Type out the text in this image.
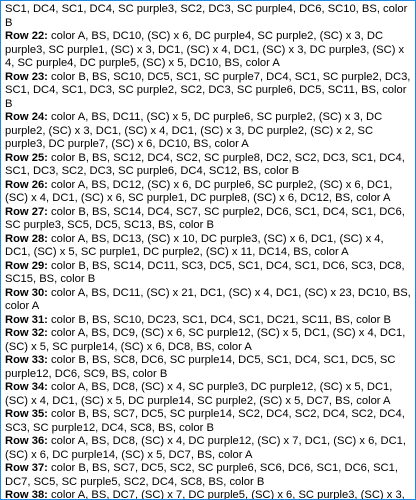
SC1, DC4, SC1, DC4, SC purple3, SC2, DC3, SC purple4, DC6, SC10, BS, color B

Row 22: color A, BS, DC10, (SC) x 6, DC purple4, SC purple2, (SC) x 3, DC purple3, SC purple1, (SC) x 3, DC1, (SC) x 4, DC1, (SC) x 3, DC purple3, (SC) x 4, SC purple4, DC purple5, (SC) x 5, DC10, BS, color A

Row 23: color B, BS, SC10, DC5, SC1, SC purple7, DC4, SC1, SC purple2, DC3, SC1, DC4, SC1, DC3, SC purple2, SC2, DC3, SC purple6, DC5, SC11, BS, color B

Row 24: color A, BS, DC11, (SC) x 5, DC purple6, SC purple2, (SC) x 3, DC purple2, (SC) x 3, DC1, (SC) x 4, DC1, (SC) x 3, DC purple2, (SC) x 2, SC purple3, DC purple7, (SC) x 6, DC10, BS, color A

Row 25: color B, BS, SC12, DC4, SC2, SC purple8, DC2, SC2, DC3, SC1, DC4, SC1, DC3, SC2, DC3, SC purple6, DC4, SC12, BS, color B

Row 26: color A, BS, DC12, (SC) x 6, DC purple6, SC purple2, (SC) x 6, DC1, (SC) x 4, DC1, (SC) x 6, SC purple1, DC purple8, (SC) x 6, DC12, BS, color A

Row 27: color B, BS, SC14, DC4, SC7, SC purple2, DC6, SC1, DC4, SC1, DC6, SC purple3, SC5, DC5, SC13, BS, color B

Row 28: color A, BS, DC13, (SC) x 10, DC purple3, (SC) x 6, DC1, (SC) x 4, DC1, (SC) x 5, SC purple1, DC purple2, (SC) x 11, DC14, BS, color A

Row 29: color B, BS, SC14, DC11, SC3, DC5, SC1, DC4, SC1, DC6, SC3, DC8, SC15, BS, color B

Row 30: color A, BS, DC11, (SC) x 21, DC1, (SC) x 4, DC1, (SC) x 23, DC10, BS, color A

Row 31: color B, BS, SC10, DC23, SC1, DC4, SC1, DC21, SC11, BS, color B

Row 32: color A, BS, DC9, (SC) x 6, SC purple12, (SC) x 5, DC1, (SC) x 4, DC1, (SC) x 5, SC purple14, (SC) x 6, DC8, BS, color A

Row 33: color B, BS, SC8, DC6, SC purple14, DC5, SC1, DC4, SC1, DC5, SC purple12, DC6, SC9, BS, color B

Row 34: color A, BS, DC8, (SC) x 4, SC purple3, DC purple12, (SC) x 5, DC1, (SC) x 4, DC1, (SC) x 5, DC purple14, SC purple2, (SC) x 5, DC7, BS, color A

Row 35: color B, BS, SC7, DC5, SC purple14, SC2, DC4, SC2, DC4, SC2, DC4, SC3, SC purple12, DC4, SC8, BS, color B

Row 36: color A, BS, DC8, (SC) x 4, DC purple12, (SC) x 7, DC1, (SC) x 6, DC1, (SC) x 6, DC purple14, (SC) x 5, DC7, BS, color A

Row 37: color B, BS, SC7, DC5, SC2, SC purple6, SC6, DC6, SC1, DC6, SC1, DC7, SC5, SC purple5, SC2, DC4, SC8, BS, color B

Row 38: color A, BS, DC7, (SC) x 7, DC purple5, (SC) x 6, SC purple3, (SC) x 3,
